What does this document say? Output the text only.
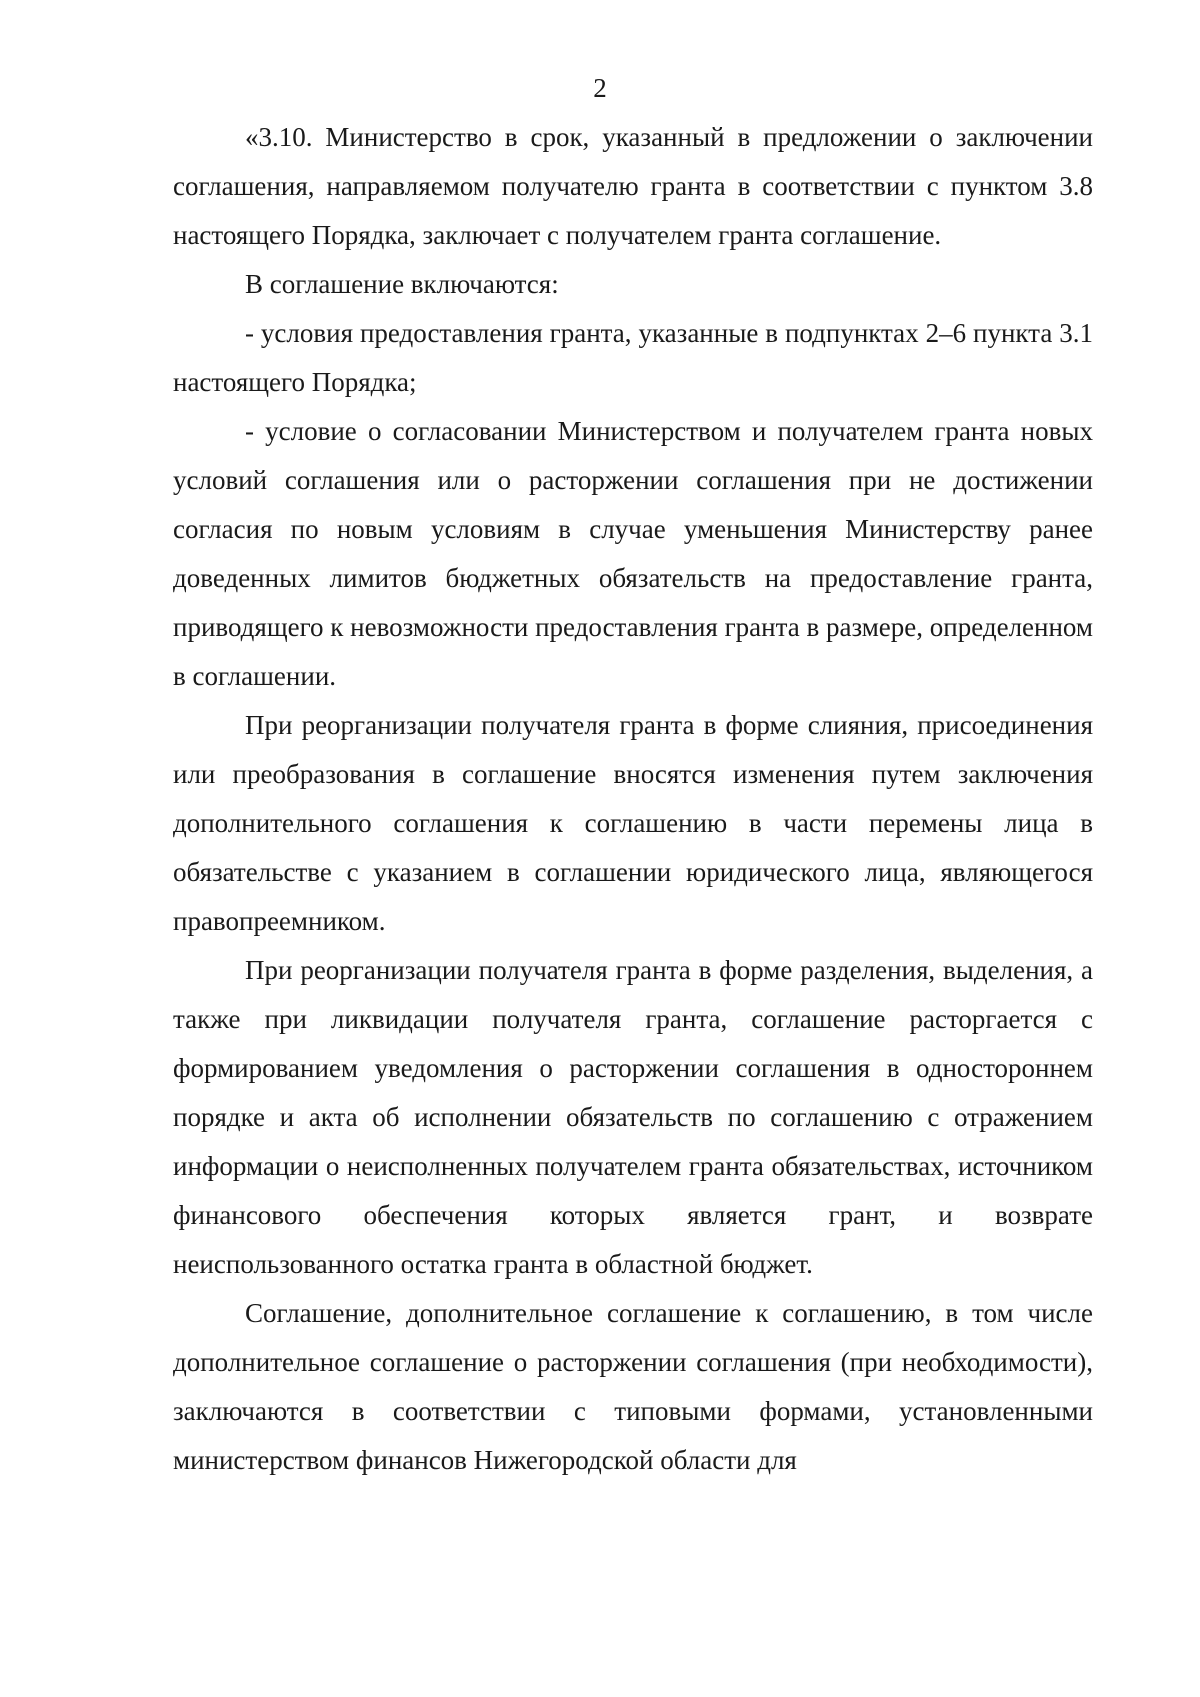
2

«3.10. Министерство в срок, указанный в предложении о заключении соглашения, направляемом получателю гранта в соответствии с пунктом 3.8 настоящего Порядка, заключает с получателем гранта соглашение.

В соглашение включаются:

- условия предоставления гранта, указанные в подпунктах 2–6 пункта 3.1 настоящего Порядка;

- условие о согласовании Министерством и получателем гранта новых условий соглашения или о расторжении соглашения при не достижении согласия по новым условиям в случае уменьшения Министерству ранее доведенных лимитов бюджетных обязательств на предоставление гранта, приводящего к невозможности предоставления гранта в размере, определенном в соглашении.

При реорганизации получателя гранта в форме слияния, присоединения или преобразования в соглашение вносятся изменения путем заключения дополнительного соглашения к соглашению в части перемены лица в обязательстве с указанием в соглашении юридического лица, являющегося правопреемником.

При реорганизации получателя гранта в форме разделения, выделения, а также при ликвидации получателя гранта, соглашение расторгается с формированием уведомления о расторжении соглашения в одностороннем порядке и акта об исполнении обязательств по соглашению с отражением информации о неисполненных получателем гранта обязательствах, источником финансового обеспечения которых является грант, и возврате неиспользованного остатка гранта в областной бюджет.

Соглашение, дополнительное соглашение к соглашению, в том числе дополнительное соглашение о расторжении соглашения (при необходимости), заключаются в соответствии с типовыми формами, установленными министерством финансов Нижегородской области для
